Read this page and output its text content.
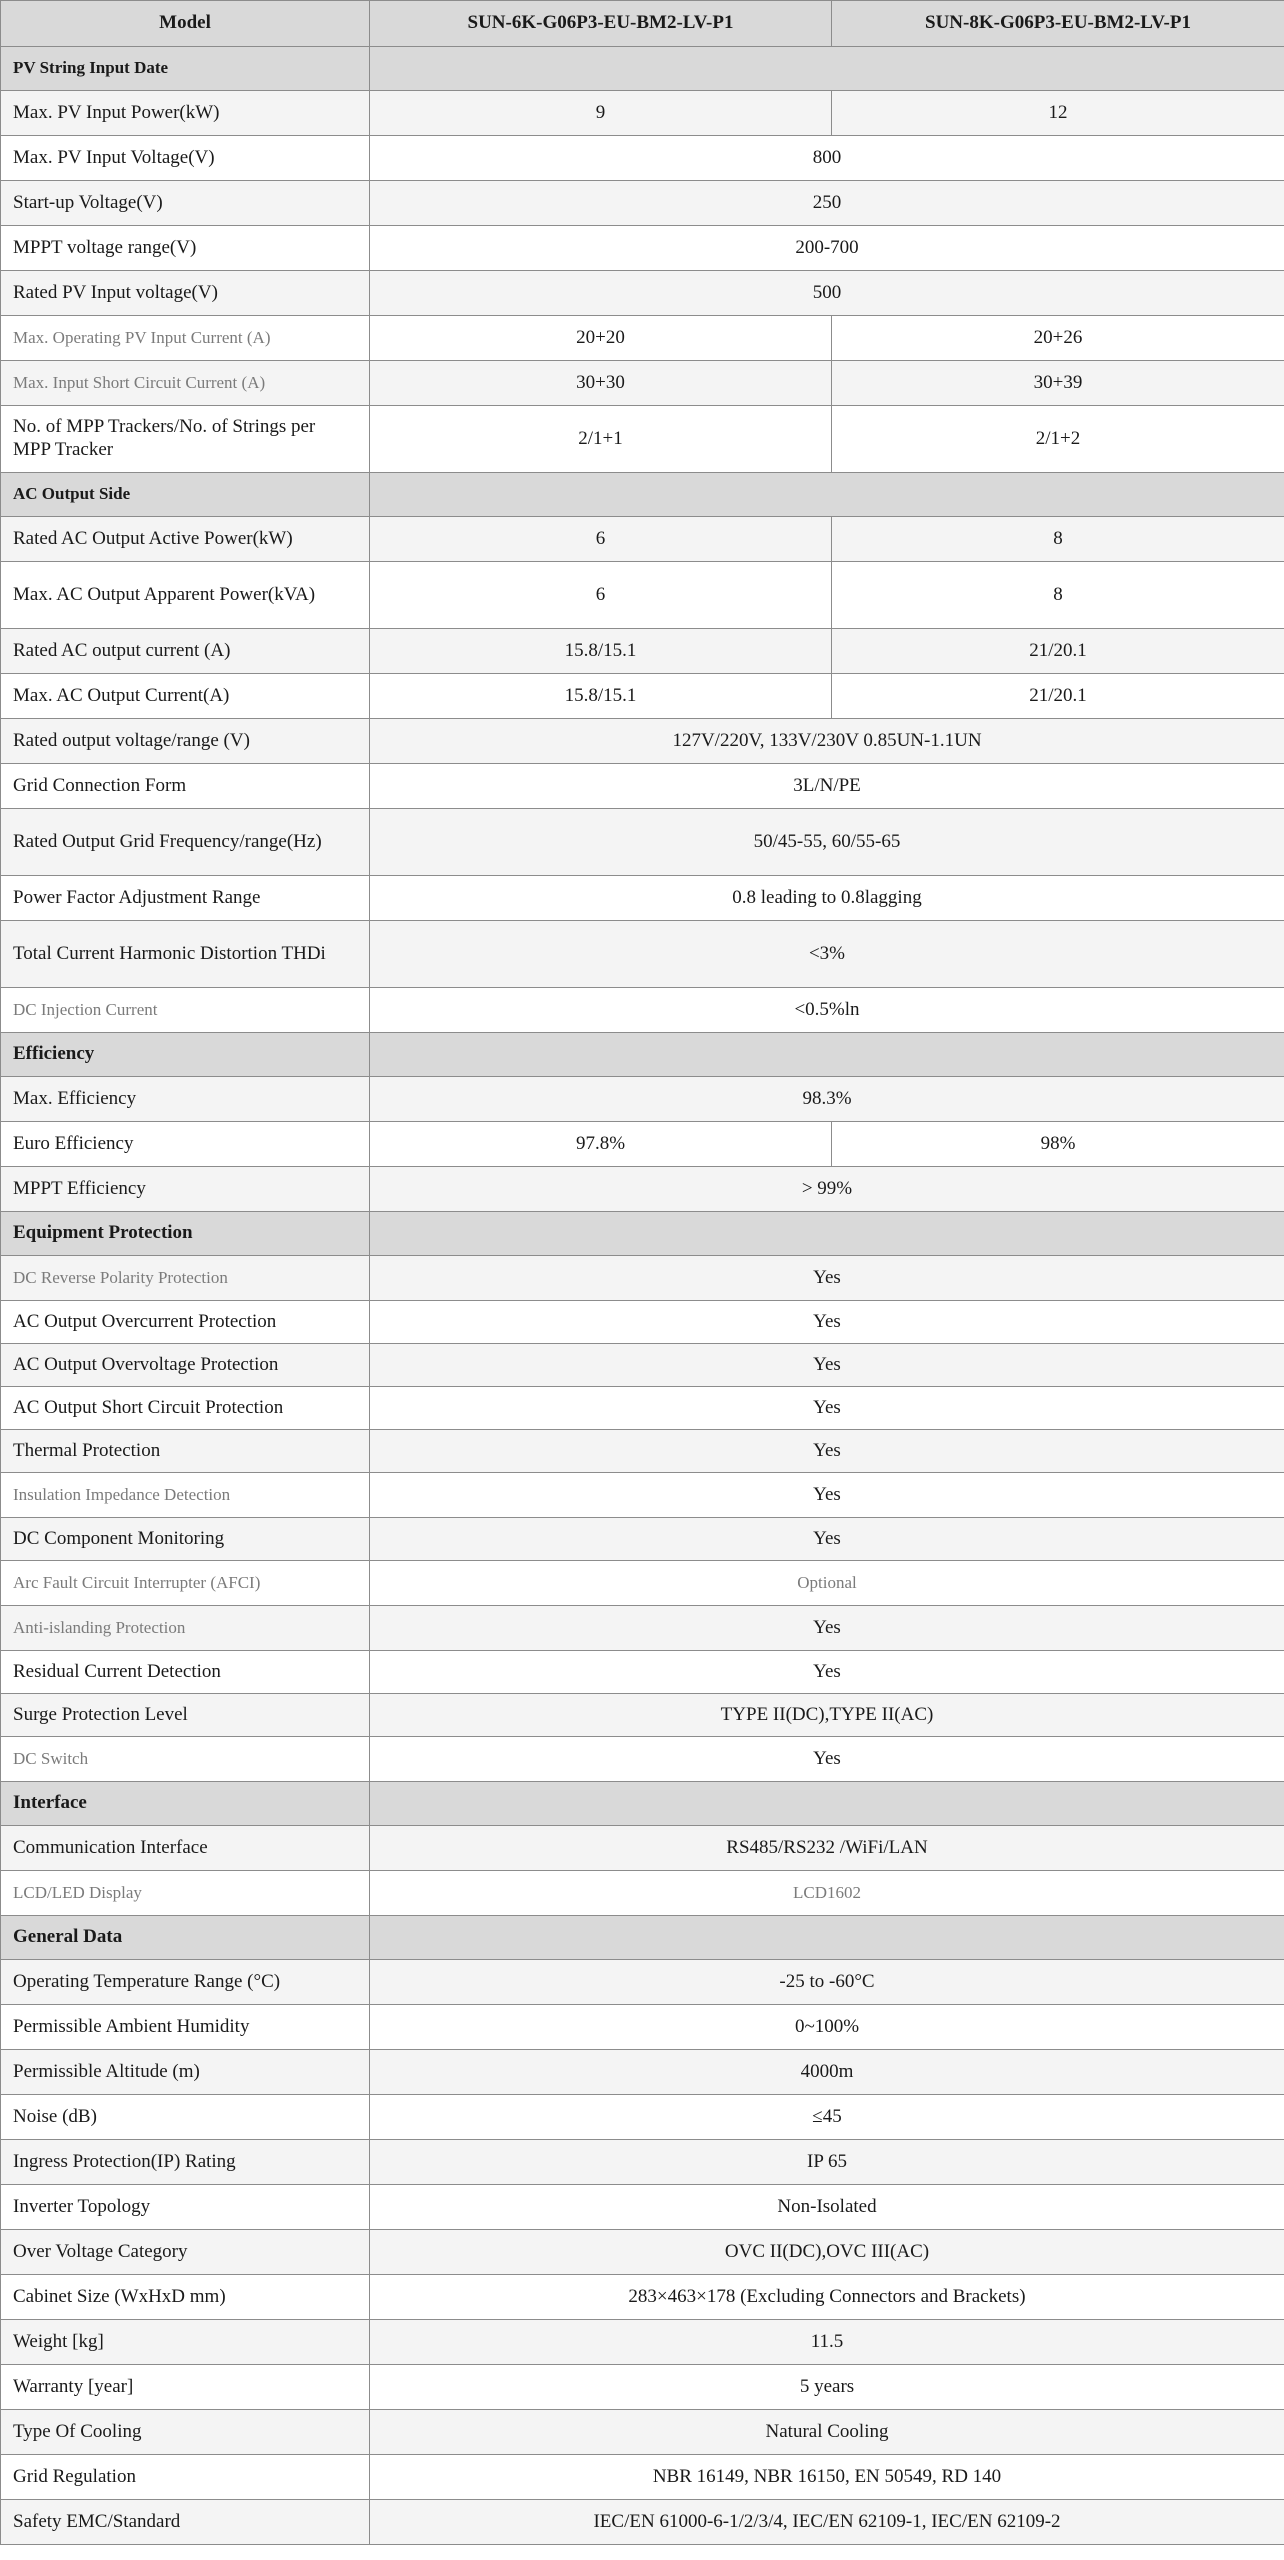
Model	SUN-6K-G06P3-EU-BM2-LV-P1	SUN-8K-G06P3-EU-BM2-LV-P1
PV String Input Date		
Max. PV Input Power(kW)	9	12
Max. PV Input Voltage(V)	800	
Start-up Voltage(V)	250	
MPPT voltage range(V)	200-700	
Rated PV Input voltage(V)	500	
Max. Operating PV Input Current (A)	20+20	20+26
Max. Input Short Circuit Current (A)	30+30	30+39
No. of MPP Trackers/No. of Strings per MPP Tracker	2/1+1	2/1+2
AC Output Side		
Rated AC Output Active Power(kW)	6	8
Max. AC Output Apparent Power(kVA)	6	8
Rated AC output current (A)	15.8/15.1	21/20.1
Max. AC Output Current(A)	15.8/15.1	21/20.1
Rated output voltage/range (V)	127V/220V, 133V/230V 0.85UN-1.1UN	
Grid Connection Form	3L/N/PE	
Rated Output Grid Frequency/range(Hz)	50/45-55, 60/55-65	
Power Factor Adjustment Range	0.8 leading to 0.8lagging	
Total Current Harmonic Distortion THDi	<3%	
DC Injection Current	<0.5%ln	
Efficiency		
Max. Efficiency	98.3%	
Euro Efficiency	97.8%	98%
MPPT Efficiency	> 99%	
Equipment Protection		
DC Reverse Polarity Protection	Yes	
AC Output Overcurrent Protection	Yes	
AC Output Overvoltage Protection	Yes	
AC Output Short Circuit Protection	Yes	
Thermal Protection	Yes	
Insulation Impedance Detection	Yes	
DC Component Monitoring	Yes	
Arc Fault Circuit Interrupter (AFCI)	Optional	
Anti-islanding Protection	Yes	
Residual Current Detection	Yes	
Surge Protection Level	TYPE II(DC),TYPE II(AC)	
DC Switch	Yes	
Interface		
Communication Interface	RS485/RS232 /WiFi/LAN	
LCD/LED Display	LCD1602	
General Data		
Operating Temperature Range (°C)	-25 to -60°C	
Permissible Ambient Humidity	0~100%	
Permissible Altitude (m)	4000m	
Noise (dB)	≤45	
Ingress Protection(IP) Rating	IP 65	
Inverter Topology	Non-Isolated	
Over Voltage Category	OVC II(DC),OVC III(AC)	
Cabinet Size (WxHxD mm)	283×463×178 (Excluding Connectors and Brackets)	
Weight [kg]	11.5	
Warranty [year]	5 years	
Type Of Cooling	Natural Cooling	
Grid Regulation	NBR 16149, NBR 16150, EN 50549, RD 140	
Safety EMC/Standard	IEC/EN 61000-6-1/2/3/4, IEC/EN 62109-1, IEC/EN 62109-2	
